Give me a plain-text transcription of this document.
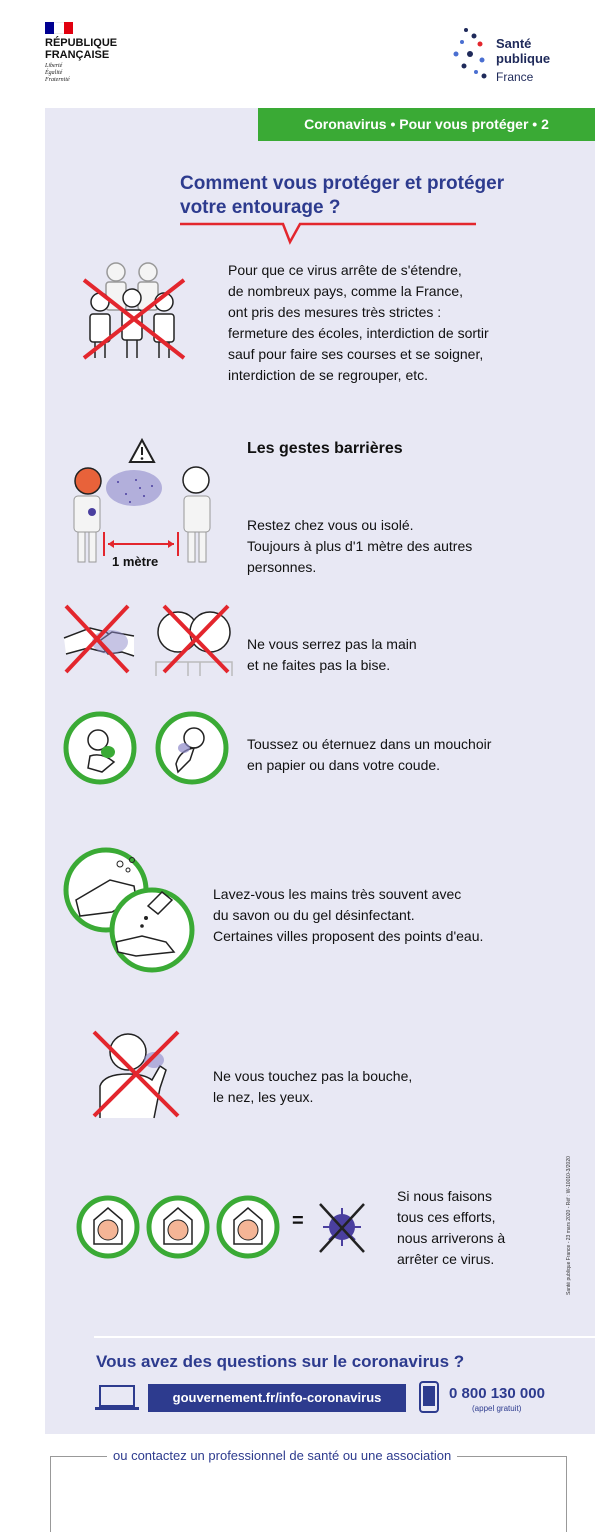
RÉPUBLIQUE
FRANÇAISE
Liberté
Égalité
Fraternité
Santé
publique
France
Coronavirus • Pour vous protéger • 2
Comment vous protéger et protéger votre entourage ?
Pour que ce virus arrête de s'étendre,
de nombreux pays, comme la France,
ont pris des mesures très strictes :
fermeture des écoles, interdiction de sortir
sauf pour faire ses courses et se soigner,
interdiction de se regrouper, etc.
1 mètre
Les gestes barrières
Restez chez vous ou isolé.
Toujours à plus d'1 mètre des autres
personnes.
Ne vous serrez pas la main
et ne faites pas la bise.
Toussez ou éternuez dans un mouchoir
en papier ou dans votre coude.
Lavez-vous les mains très souvent avec
du savon ou du gel désinfectant.
Certaines villes proposent des points d'eau.
Ne vous touchez pas la bouche,
le nez, les yeux.
=
Si nous faisons
tous ces efforts,
nous arriverons à
arrêter ce virus.	Santé publique France - 23 mars 2020 - Réf : W-10010-3/2020
Vous avez des questions sur le coronavirus ?
gouvernement.fr/info-coronavirus	0 800 130 000
(appel gratuit)
ou contactez un professionnel de santé ou une association
